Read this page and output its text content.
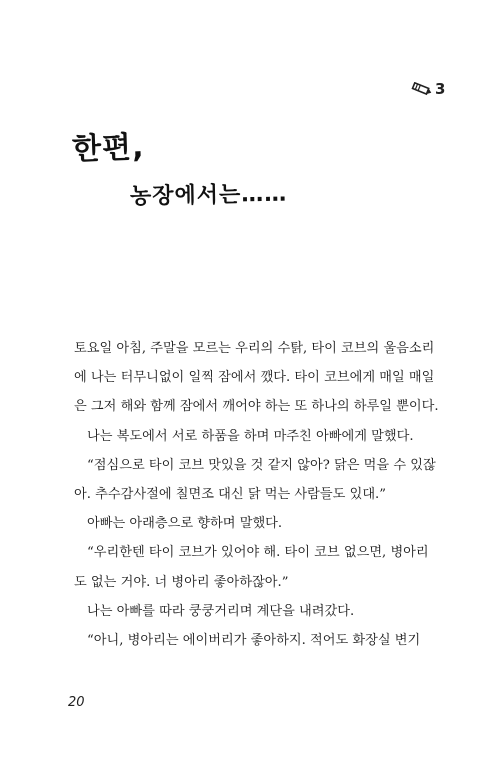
3
한편,
농장에서는……
토요일 아침, 주말을 모르는 우리의 수탉, 타이 코브의 울음소리
에 나는 터무니없이 일찍 잠에서 깼다. 타이 코브에게 매일 매일
은 그저 해와 함께 잠에서 깨어야 하는 또 하나의 하루일 뿐이다.
나는 복도에서 서로 하품을 하며 마주친 아빠에게 말했다.
“점심으로 타이 코브 맛있을 것 같지 않아? 닭은 먹을 수 있잖
아. 추수감사절에 칠면조 대신 닭 먹는 사람들도 있대.”
아빠는 아래층으로 향하며 말했다.
“우리한텐 타이 코브가 있어야 해. 타이 코브 없으면, 병아리
도 없는 거야. 너 병아리 좋아하잖아.”
나는 아빠를 따라 쿵쿵거리며 계단을 내려갔다.
“아니, 병아리는 에이버리가 좋아하지. 적어도 화장실 변기
20
